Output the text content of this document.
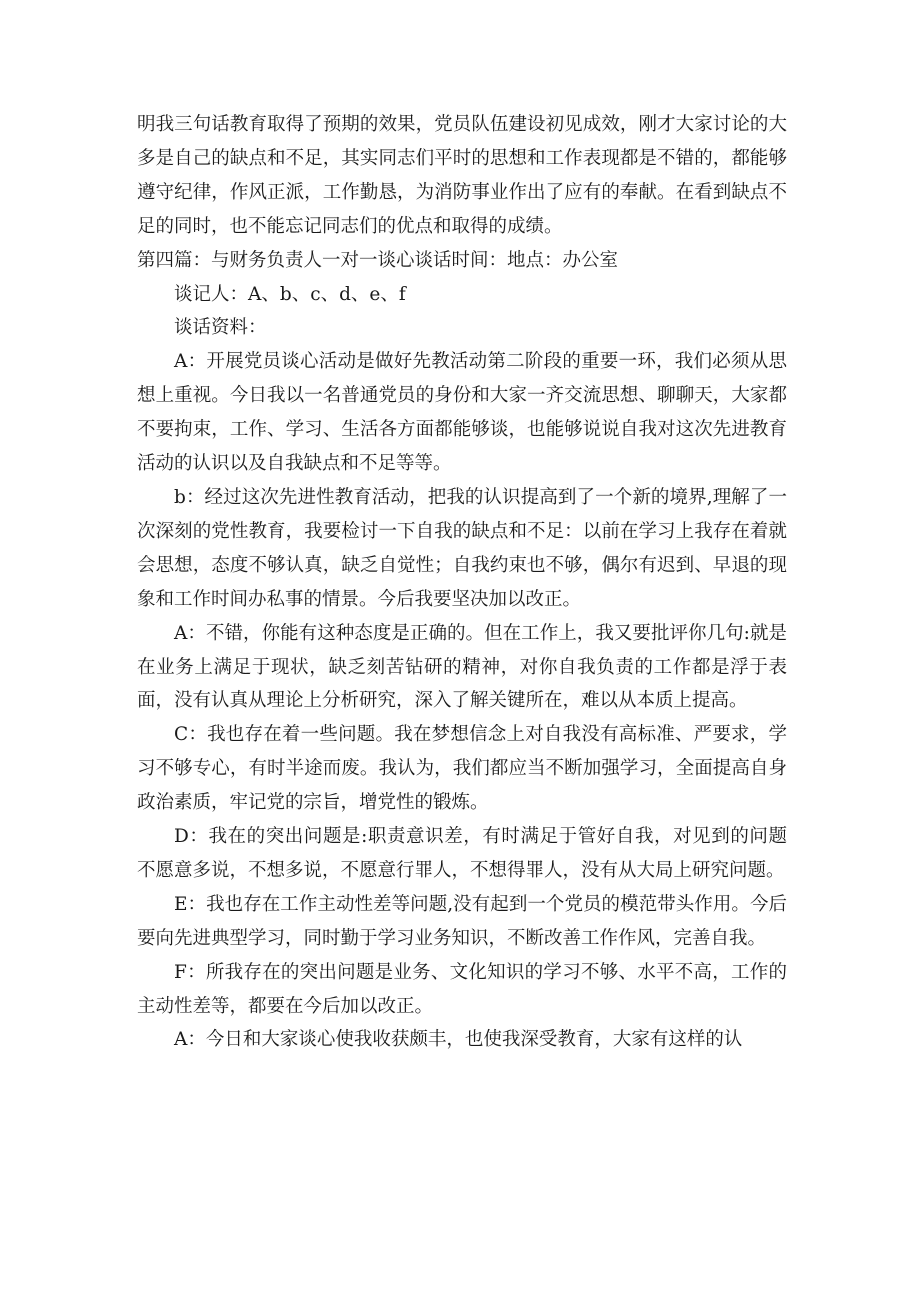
明我三句话教育取得了预期的效果，党员队伍建设初见成效，刚才大家讨论的大多是自己的缺点和不足，其实同志们平时的思想和工作表现都是不错的，都能够遵守纪律，作风正派，工作勤恳，为消防事业作出了应有的奉献。在看到缺点不足的同时，也不能忘记同志们的优点和取得的成绩。

第四篇：与财务负责人一对一谈心谈话时间：地点：办公室

谈记人：A、b、c、d、e、f

谈话资料：

A：开展党员谈心活动是做好先教活动第二阶段的重要一环，我们必须从思想上重视。今日我以一名普通党员的身份和大家一齐交流思想、聊聊天，大家都不要拘束，工作、学习、生活各方面都能够谈，也能够说说自我对这次先进教育活动的认识以及自我缺点和不足等等。

b：经过这次先进性教育活动，把我的认识提高到了一个新的境界,理解了一次深刻的党性教育，我要检讨一下自我的缺点和不足：以前在学习上我存在着就会思想，态度不够认真，缺乏自觉性；自我约束也不够，偶尔有迟到、早退的现象和工作时间办私事的情景。今后我要坚决加以改正。

A：不错，你能有这种态度是正确的。但在工作上，我又要批评你几句:就是在业务上满足于现状，缺乏刻苦钻研的精神，对你自我负责的工作都是浮于表面，没有认真从理论上分析研究，深入了解关键所在，难以从本质上提高。

C：我也存在着一些问题。我在梦想信念上对自我没有高标准、严要求，学习不够专心，有时半途而废。我认为，我们都应当不断加强学习，全面提高自身政治素质，牢记党的宗旨，增党性的锻炼。

D：我在的突出问题是:职责意识差，有时满足于管好自我，对见到的问题不愿意多说，不想多说，不愿意行罪人，不想得罪人，没有从大局上研究问题。

E：我也存在工作主动性差等问题,没有起到一个党员的模范带头作用。今后要向先进典型学习，同时勤于学习业务知识，不断改善工作作风，完善自我。

F：所我存在的突出问题是业务、文化知识的学习不够、水平不高，工作的主动性差等，都要在今后加以改正。

A：今日和大家谈心使我收获颇丰，也使我深受教育，大家有这样的认
